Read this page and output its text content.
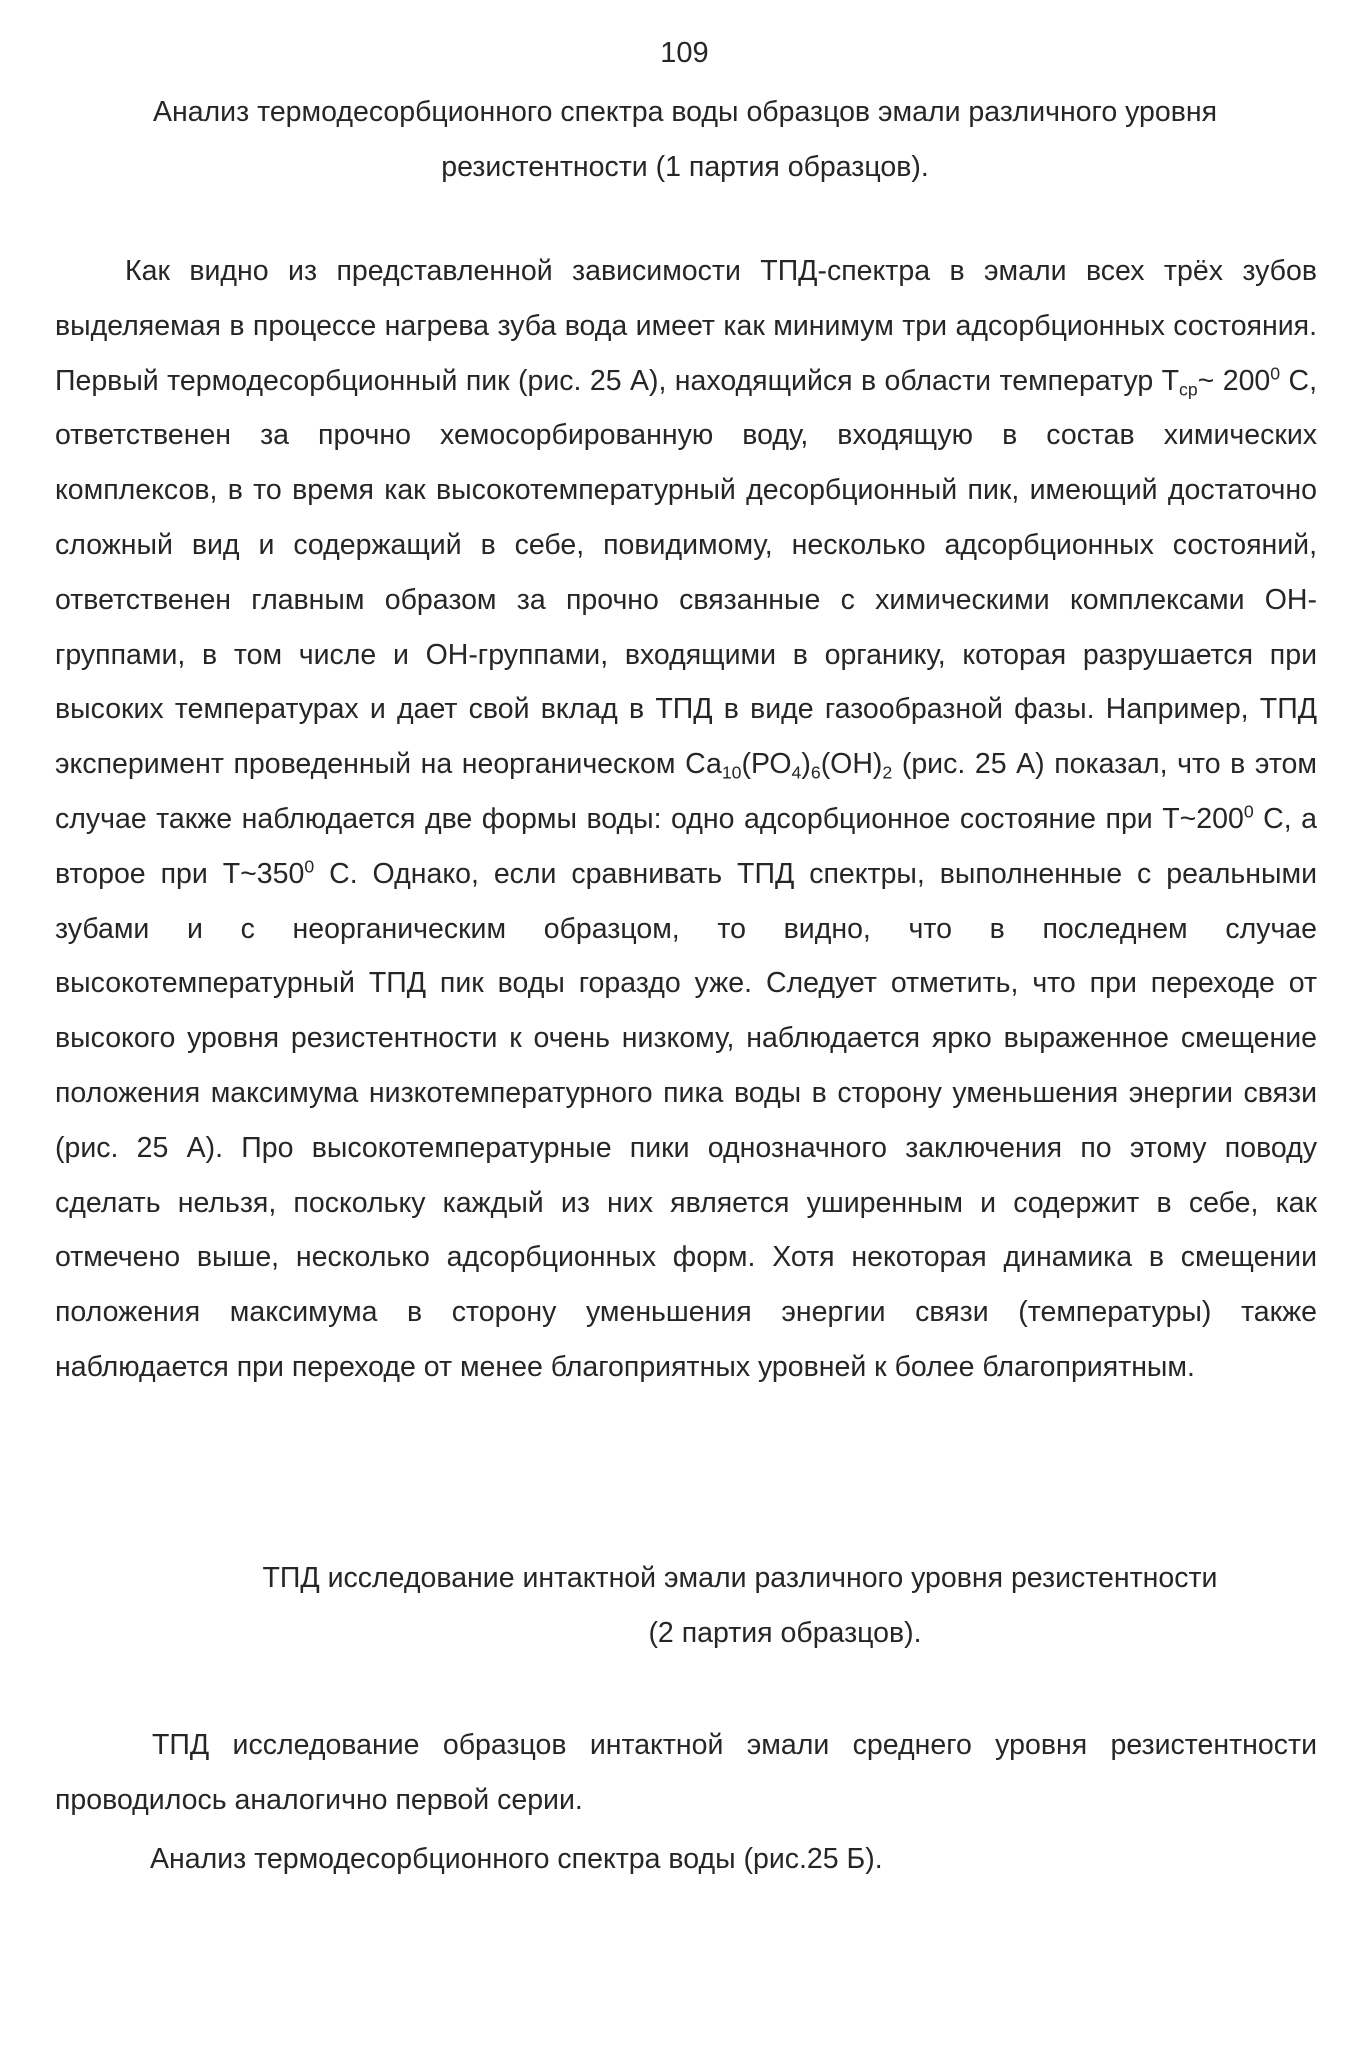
109
Анализ термодесорбционного спектра воды образцов эмали различного уровня резистентности (1 партия образцов).

Как видно из представленной зависимости ТПД-спектра в эмали всех трёх зубов выделяемая в процессе нагрева зуба вода имеет как минимум три адсорбционных состояния. Первый термодесорбционный пик (рис. 25 А), находящийся в области температур $Т_{ср}\sim$ $200^0$ С, ответственен за прочно хемосорбированную воду, входящую в состав химических комплексов, в то время как высокотемпературный десорбционный пик, имеющий достаточно сложный вид и содержащий в себе, повидимому, несколько адсорбционных состояний, ответственен главным образом за прочно связанные с химическими комплексами ОН-группами, в том числе и ОН-группами, входящими в органику, которая разрушается при высоких температурах и дает свой вклад в ТПД в виде газообразной фазы. Например, ТПД эксперимент проведенный на неорганическом $Са_{10}(РО_4)_6(ОН)_2$ (рис. 25 А) показал, что в этом случае также наблюдается две формы воды: одно адсорбционное состояние при $Т\sim 200^0$ С, а второе при $Т\sim 350^0$ С. Однако, если сравнивать ТПД спектры, выполненные с реальными зубами и с неорганическим образцом, то видно, что в последнем случае высокотемпературный ТПД пик воды гораздо уже. Следует отметить, что при переходе от высокого уровня резистентности к очень низкому, наблюдается ярко выраженное смещение положения максимума низкотемпературного пика воды в сторону уменьшения энергии связи (рис. 25 А). Про высокотемпературные пики однозначного заключения по этому поводу сделать нельзя, поскольку каждый из них является уширенным и содержит в себе, как отмечено выше, несколько адсорбционных форм. Хотя некоторая динамика в смещении положения максимума в сторону уменьшения энергии связи (температуры) также наблюдается при переходе от менее благоприятных уровней к более благоприятным.

ТПД исследование интактной эмали различного уровня резистентности
(2 партия образцов).

ТПД исследование образцов интактной эмали среднего уровня резистентности проводилось аналогично первой серии.

Анализ термодесорбционного спектра воды (рис.25 Б).
